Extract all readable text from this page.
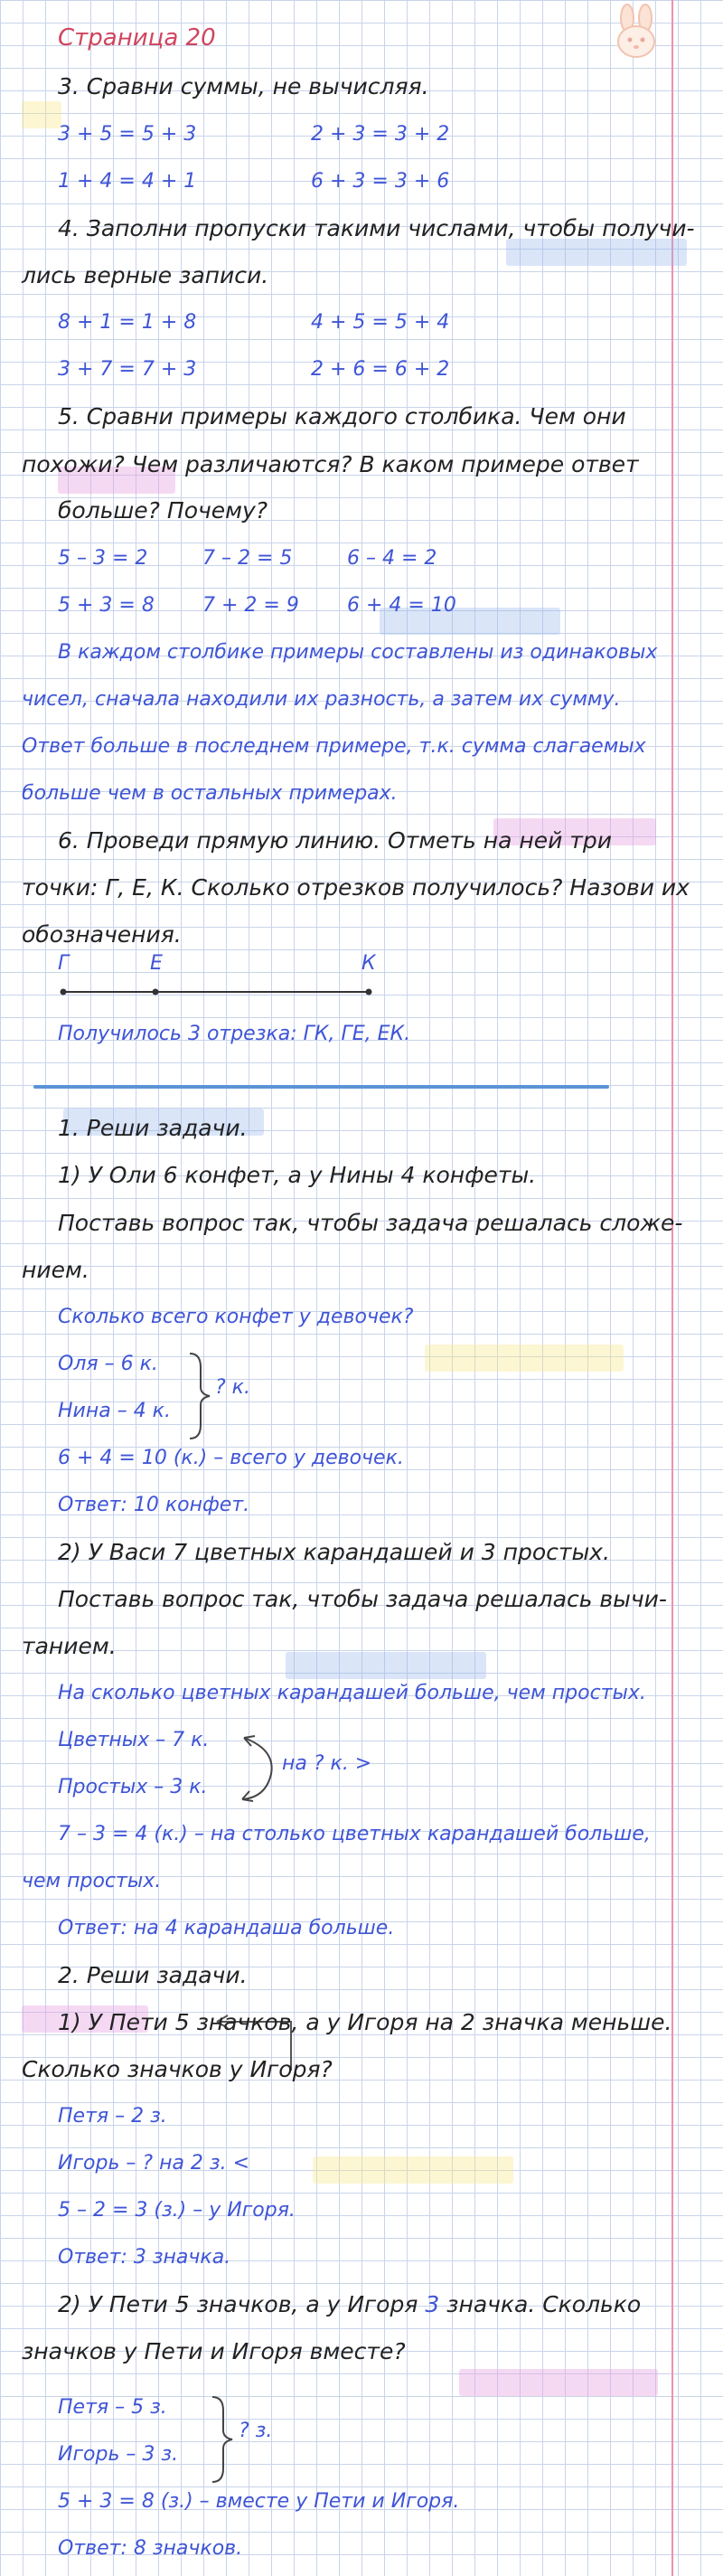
Страница 20
3. Сравни суммы, не вычисляя.
3 + 5 = 5 + 3	2 + 3 = 3 + 2
1 + 4 = 4 + 1	6 + 3 = 3 + 6
4. Заполни пропуски такими числами, чтобы получи-
лись верные записи.
8 + 1 = 1 + 8	4 + 5 = 5 + 4
3 + 7 = 7 + 3	2 + 6 = 6 + 2
5. Сравни примеры каждого столбика. Чем они
похожи? Чем различаются? В каком примере ответ
больше? Почему?
5 – 3 = 2	7 – 2 = 5	6 – 4 = 2
5 + 3 = 8 7 + 2 = 9 6 + 4 = 10
В каждом столбике примеры составлены из одинаковых
чисел, сначала находили их разность, а затем их сумму.
Ответ больше в последнем примере, т.к. сумма слагаемых
больше чем в остальных примерах.
6. Проведи прямую линию. Отметь на ней три
точки: Г, Е, К. Сколько отрезков получилось? Назови их
обозначения.
Г	Е	К
Получилось 3 отрезка: ГК, ГЕ, ЕК.
1. Реши задачи.
1) У Оли 6 конфет, а у Нины 4 конфеты.
Поставь вопрос так, чтобы задача решалась сложе-
нием.
Сколько всего конфет у девочек?
Оля – 6 к.
Нина – 4 к.
? к.
6 + 4 = 10 (к.) – всего у девочек.
Ответ: 10 конфет.
2) У Васи 7 цветных карандашей и 3 простых.
Поставь вопрос так, чтобы задача решалась вычи-
танием.
На сколько цветных карандашей больше, чем простых.
Цветных – 7 к.
Простых – 3 к.
на ? к. >
7 – 3 = 4 (к.) – на столько цветных карандашей больше,
чем простых.
Ответ: на 4 карандаша больше.
2. Реши задачи.
1) У Пети 5 значков, а у Игоря на 2 значка меньше.
Сколько значков у Игоря?
Петя – 2 з.
Игорь – ? на 2 з. <
5 – 2 = 3 (з.) – у Игоря.
Ответ: 3 значка.
2) У Пети 5 значков, а у Игоря 3 значка. Сколько
значков у Пети и Игоря вместе?
Петя – 5 з.
Игорь – 3 з.
? з.
5 + 3 = 8 (з.) – вместе у Пети и Игоря.
Ответ: 8 значков.
